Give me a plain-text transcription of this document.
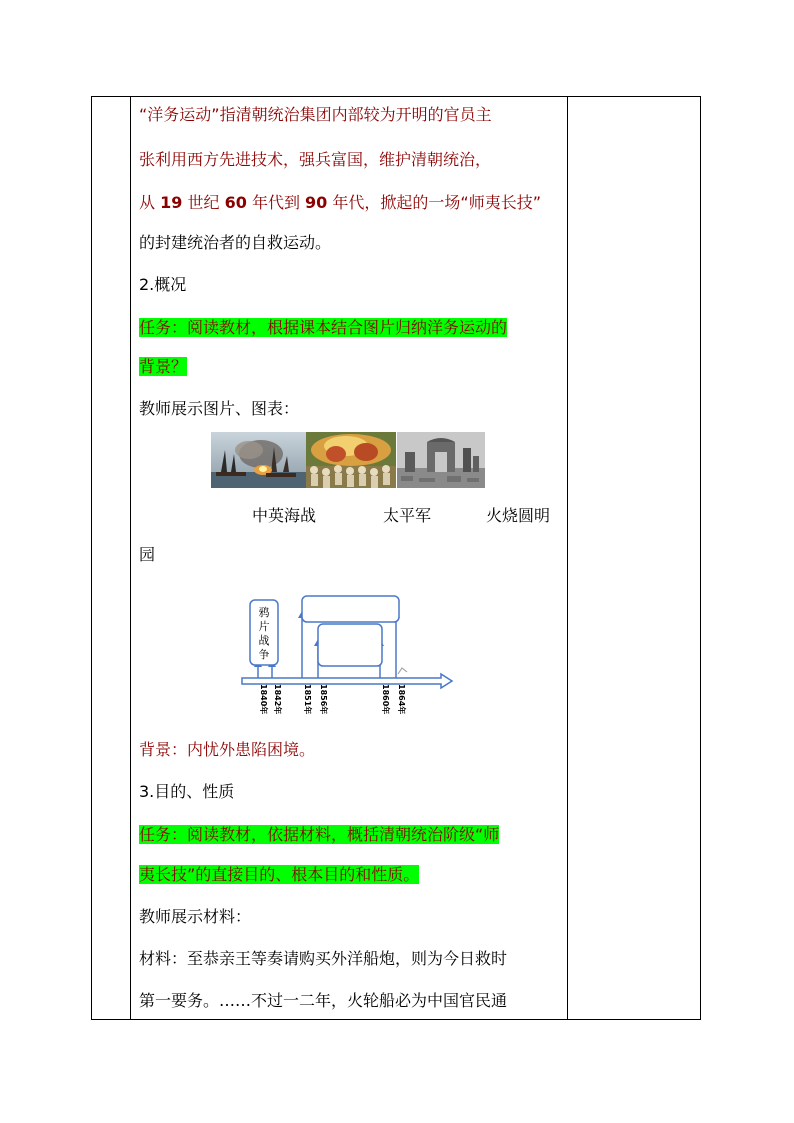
“洋务运动”指清朝统治集团内部较为开明的官员主
张利用西方先进技术，强兵富国，维护清朝统治，
从 19 世纪 60 年代到 90 年代，掀起的一场“师夷长技”
的封建统治者的自救运动。
2.概况
任务：阅读教材，根据课本结合图片归纳洋务运动的
背景？
教师展示图片、图表：
中英海战	太平军	火烧圆明
园
鸦
片
战
争
1840年 1842年	1851年 1856年	1860年 1864年
背景：内忧外患陷困境。
3.目的、性质
任务：阅读教材，依据材料，概括清朝统治阶级“师
夷长技”的直接目的、根本目的和性质。
教师展示材料：
材料：至恭亲王等奏请购买外洋船炮，则为今日救时
第一要务。……不过一二年，火轮船必为中国官民通
